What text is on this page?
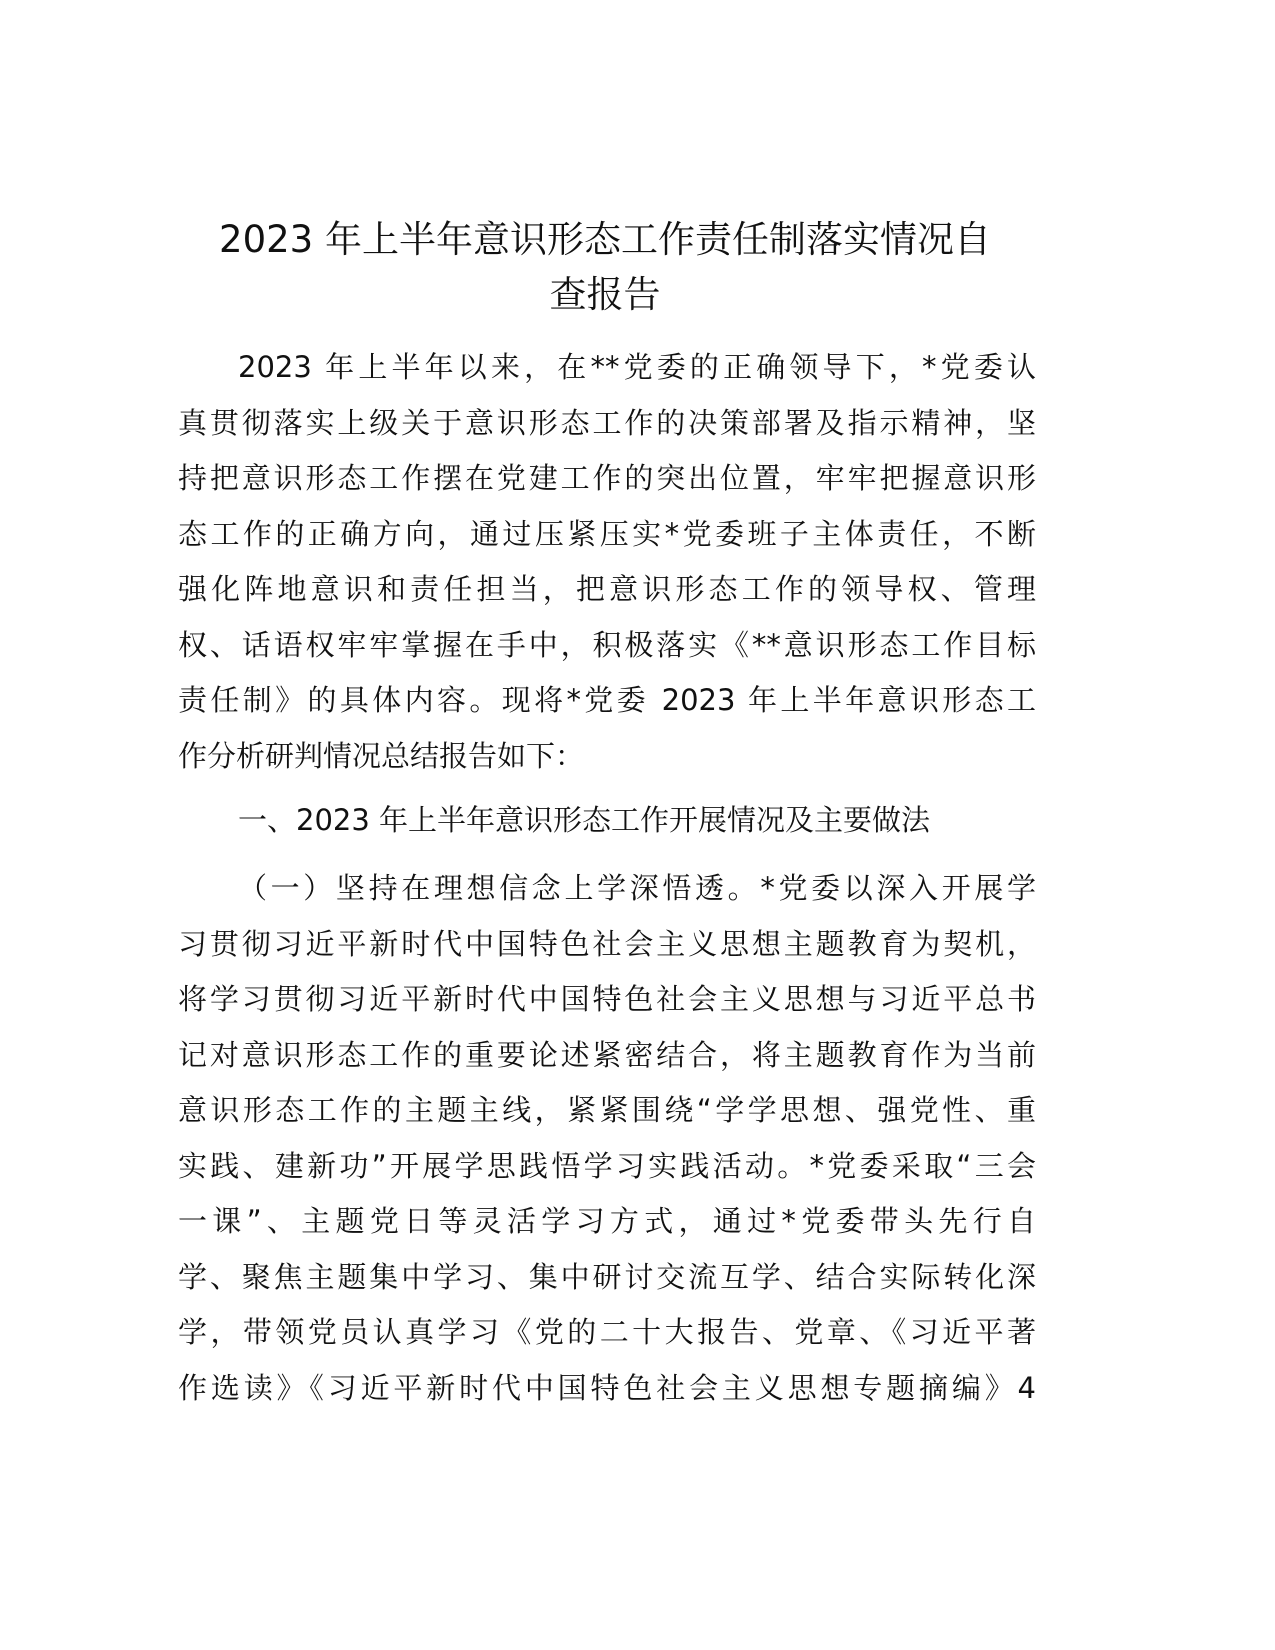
2023 年上半年意识形态工作责任制落实情况自
查报告
2023 年上半年以来，在**党委的正确领导下，*党委认
真贯彻落实上级关于意识形态工作的决策部署及指示精神，坚
持把意识形态工作摆在党建工作的突出位置，牢牢把握意识形
态工作的正确方向，通过压紧压实*党委班子主体责任，不断
强化阵地意识和责任担当，把意识形态工作的领导权、管理
权、话语权牢牢掌握在手中，积极落实《**意识形态工作目标
责任制》的具体内容。现将*党委 2023 年上半年意识形态工
作分析研判情况总结报告如下：
一、2023 年上半年意识形态工作开展情况及主要做法
（一）坚持在理想信念上学深悟透。*党委以深入开展学
习贯彻习近平新时代中国特色社会主义思想主题教育为契机，
将学习贯彻习近平新时代中国特色社会主义思想与习近平总书
记对意识形态工作的重要论述紧密结合，将主题教育作为当前
意识形态工作的主题主线，紧紧围绕“学学思想、强党性、重
实践、建新功”开展学思践悟学习实践活动。*党委采取“三会
一课”、主题党日等灵活学习方式，通过*党委带头先行自
学、聚焦主题集中学习、集中研讨交流互学、结合实际转化深
学，带领党员认真学习《党的二十大报告、党章、《习近平著
作选读》《习近平新时代中国特色社会主义思想专题摘编》4
